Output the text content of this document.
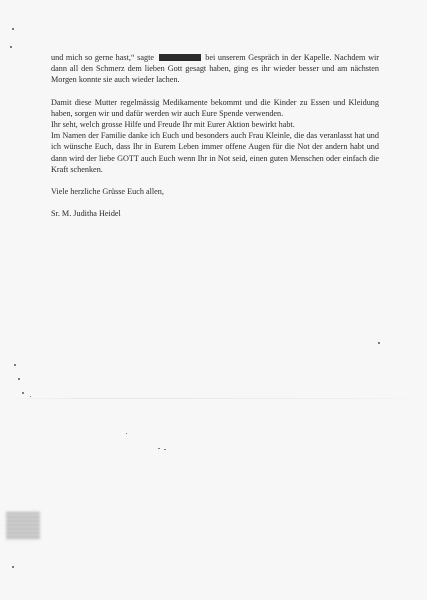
und mich so gerne hast,“ sagte	bei unserem Gespräch in der Kapelle. Nachdem wir dann all den Schmerz dem lieben Gott gesagt haben, ging es ihr wieder besser und am nächsten Morgen konnte sie auch wieder lachen.

Damit diese Mutter regelmässig Medikamente bekommt und die Kinder zu Essen und Kleidung haben, sorgen wir und dafür werden wir auch Eure Spende verwenden.

Ihr seht, welch grosse Hilfe und Freude Ihr mit Eurer Aktion bewirkt habt.

Im Namen der Familie danke ich Euch und besonders auch Frau Kleinle, die das veranlasst hat und ich wünsche Euch, dass Ihr in Eurem Leben immer offene Augen für die Not der andern habt und dann wird der liebe GOTT auch Euch wenn Ihr in Not seid, einen guten Menschen oder einfach die Kraft schenken.

Viele herzliche Grüsse Euch allen,

Sr. M. Juditha Heidel
